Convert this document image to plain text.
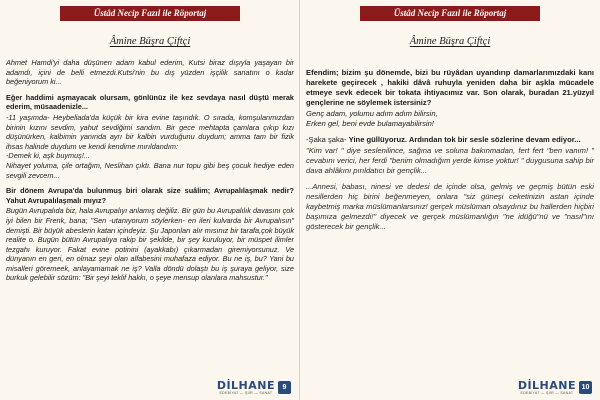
Üstâd Necip Fazıl ile Röportaj
Âmine Büşra Çiftçi

Ahmet Hamdi'yi daha düşünen adam kabul ederim, Kutsi biraz dışıyla yaşayan bir adamdı, içini de belli etmezdi.Kutsi'nin bu dış yüzden işçilik sanatını o kadar beğeniyorum ki...

Eğer haddimi aşmayacak olursam, gönlünüz ile kez sevdaya nasıl düştü merak ederim, müsaadenizle...

-11 yaşımda- Heybeliada'da küçük bir kira evine taşındık. O sırada, komşulanmızdan birinin kızını sevdim, yahut sevdiğimi sandım. Bir gece mehtapta çamlara çıkıp kızı düşünürken, kalbimin yanında ayrı bir kalbin vurduğunu duydum; amma tam bir fizik ihsas halinde duydum ve kendi kendime mırıldandım:

-Demek ki, aşk buymuş!...

Nihayet yoluma, çile ortağım, Neslihan çıktı. Bana nur topu gibi beş çocuk hediye eden sevgili zevcem...

Bir dönem Avrupa'da bulunmuş biri olarak size suâlim; Avrupalılaşmak nedir? Yahut Avrupalılaşmalı mıyız?

Bugün Avrupalıda biz, hala Avrupalıyı anlamış değiliz. Bir gün bu Avrupalılık davasını çok iyi bilen bir Frenk, bana; "Sen -utanıyorum söylerken- en ileri kulvarda bir Avrupalısın" demişti. Bir büyük abeslerin katarı içindeyiz. Şu Japonları alır mısınız bir tarafa,çok büyük realite o. Bugün bütün Avrupalıya rakip bir şekilde, bir şey kuruluyor, bir müspet ilimler tezgahı kuruyor. Fakat evine potinini (ayakkabı) çıkarmadan giremiyorsunuz. Ve dünyanın en geri, en olmaz şeyi olan alfabesini muhafaza ediyor. Bu ne iş, bu? Yani bu misalleri göremeek, anlayamamak ne iş? Valla döndü dolaştı bu iş şuraya geliyor, size burkuk gelebilir sözüm: "Bir şeyi teklif hakkı, o şeye mensup olanlara mahsustur."

DİLHANE
EDEBİYAT — ŞİİR — SANAT
9
Üstâd Necip Fazıl ile Röportaj
Âmine Büşra Çiftçi

Efendim; bizim şu dönemde, bizi bu rüyâdan uyandırıp damarlarımızdaki kanı harekete geçirecek , hakiki dâvâ ruhuyla yeniden daha bir aşkla mücadele etmeye sevk edecek bir tokata ihtiyacımız var. Son olarak, buradan 21.yüzyıl gençlerine ne söylemek istersiniz?

Genç adam, yolumu adım adım bilirsin,

Erken gel, beni evde bulamayabilirsin!

-Şaka şaka- Yine güllüyoruz. Ardından tok bir sesle sözlerine devam ediyor...

"Kim var! " diye seslenilince, sağına ve soluna bakınmadan, fert fert "ben vanım! " cevabını verici, her ferdi "benim olmadığım yerde kimse yoktur! " duygusuna sahip bir dava ahlâkını pırıldatıcı bir gençlik...

...Annesi, babası, ninesi ve dedesi de içinde olsa, gelmiş ve geçmiş bütün eski nesillerden hiç birini beğenmeyen, onlara "siz güneşi ceketinizin astan içinde kaybetmiş marka müslümanlarsınız! gerçek müslüman olsaydınız bu hallerden hiçbiri başımıza gelmezdi!" diyecek ve gerçek müslümanlığın "ne idüğü"nü ve "nasıl"ını gösterecek bir gençlik...

DİLHANE
EDEBİYAT — ŞİİR — SANAT
10
